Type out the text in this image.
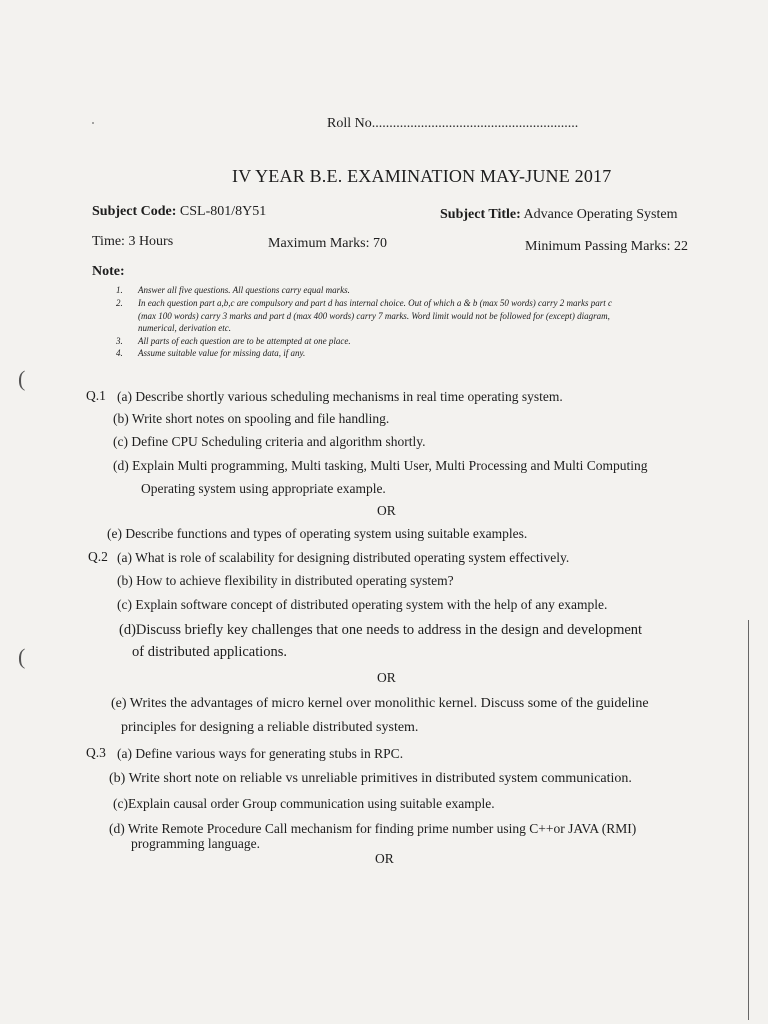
Roll No...........................................................
IV YEAR B.E. EXAMINATION MAY-JUNE 2017
Subject Code: CSL-801/8Y51	Subject Title: Advance Operating System
Time: 3 Hours	Maximum Marks: 70	Minimum Passing Marks: 22
Note:
1. Answer all five questions. All questions carry equal marks.
2. In each question part a,b,c are compulsory and part d has internal choice. Out of which a & b (max 50 words) carry 2 marks part c
(max 100 words) carry 3 marks and part d (max 400 words) carry 7 marks. Word limit would not be followed for (except) diagram,
numerical, derivation etc.
3. All parts of each question are to be attempted at one place.
4. Assume suitable value for missing data, if any.
(
(
Q.1 (a) Describe shortly various scheduling mechanisms in real time operating system.
(b) Write short notes on spooling and file handling.
(c) Define CPU Scheduling criteria and algorithm shortly.
(d) Explain Multi programming, Multi tasking, Multi User, Multi Processing and Multi Computing
Operating system using appropriate example.
OR
(e) Describe functions and types of operating system using suitable examples.
Q.2 (a) What is role of scalability for designing distributed operating system effectively.
(b) How to achieve flexibility in distributed operating system?
(c) Explain software concept of distributed operating system with the help of any example.
(d)Discuss briefly key challenges that one needs to address in the design and development
of distributed applications.
OR
(e) Writes the advantages of micro kernel over monolithic kernel. Discuss some of the guideline
principles for designing a reliable distributed system.
Q.3 (a) Define various ways for generating stubs in RPC.
(b) Write short note on reliable vs unreliable primitives in distributed system communication.
(c)Explain causal order Group communication using suitable example.
(d) Write Remote Procedure Call mechanism for finding prime number using C++or JAVA (RMI)
programming language.
OR
